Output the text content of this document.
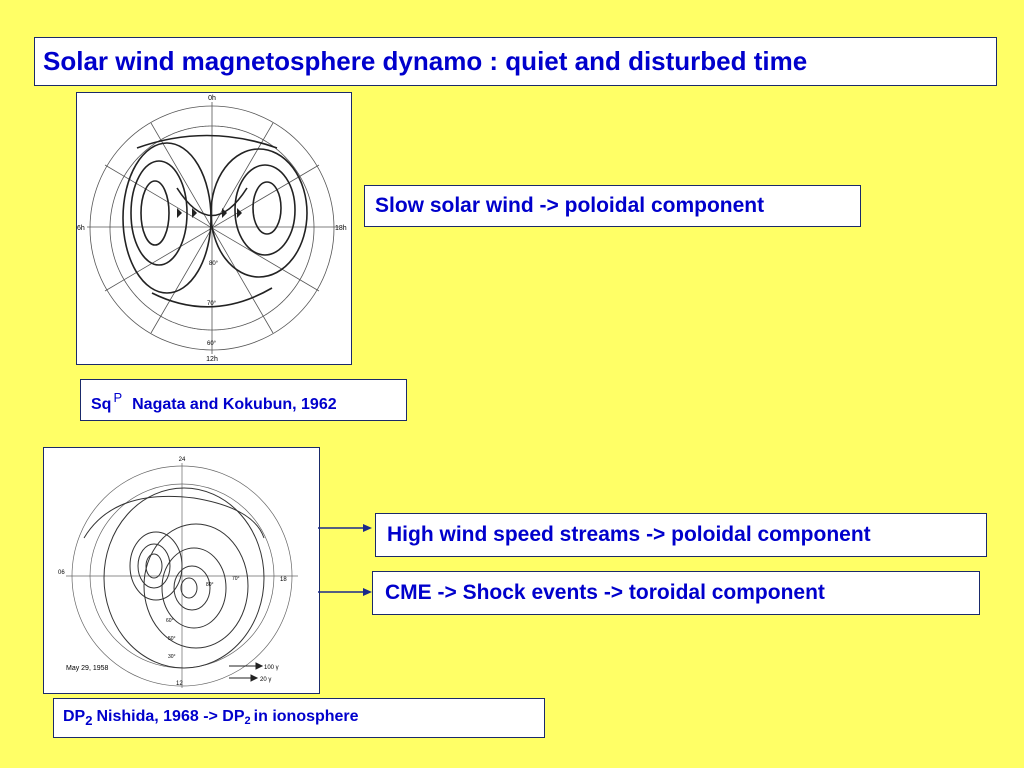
Solar wind magnetosphere dynamo : quiet and disturbed time
0h
6h	18h
12h
80°
70°
60°
Slow solar wind -> poloidal component
Sq $^P$ Nagata and Kokubun, 1962
24
06
18
12
May 29, 1958	100 γ
20 γ
80°
70°
60°
50°
30°
High wind speed streams -> poloidal component
CME -> Shock events -> toroidal component
$DP_2$ Nishida, 1968 -> DP2 in ionosphere
